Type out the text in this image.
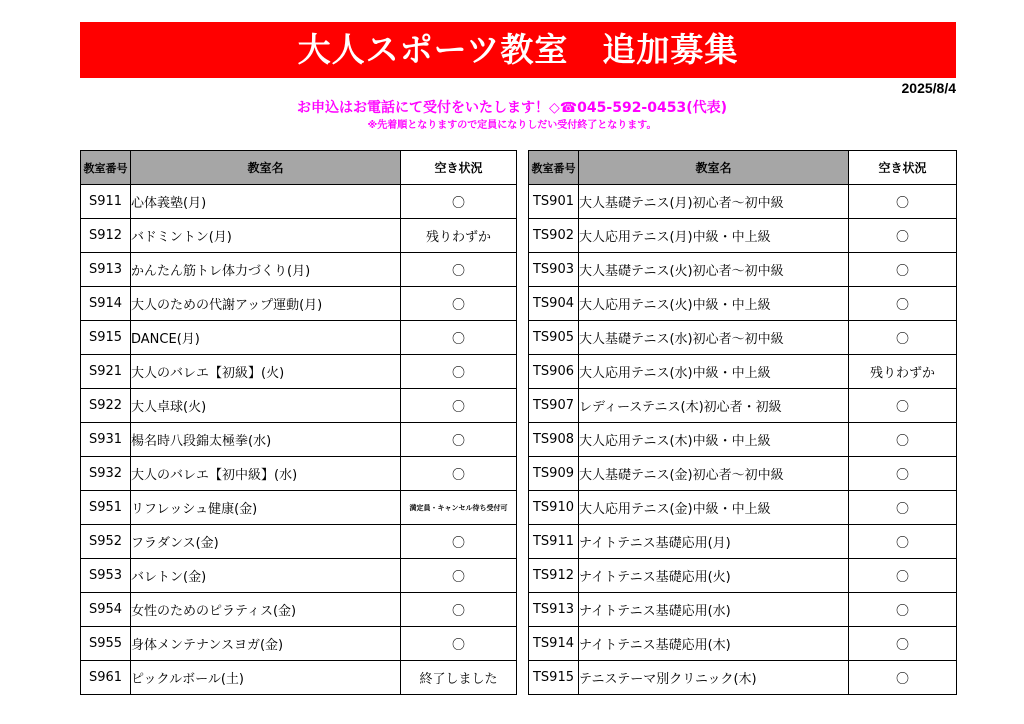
大人スポーツ教室　追加募集
2025/8/4
お申込はお電話にて受付をいたします！◇☎045-592-0453(代表)
※先着順となりますので定員になりしだい受付終了となります。
教室番号	教室名	空き状況
S911	心体義塾(月)	〇
S912	バドミントン(月)	残りわずか
S913	かんたん筋トレ体力づくり(月)	〇
S914	大人のための代謝アップ運動(月)	〇
S915	DANCE(月)	〇
S921	大人のバレエ【初級】(火)	〇
S922	大人卓球(火)	〇
S931	楊名時八段錦太極拳(水)	〇
S932	大人のバレエ【初中級】(水)	〇
S951	リフレッシュ健康(金)	満定員・キャンセル待ち受付可
S952	フラダンス(金)	〇
S953	バレトン(金)	〇
S954	女性のためのピラティス(金)	〇
S955	身体メンテナンスヨガ(金)	〇
S961	ピックルボール(土)	終了しました
教室番号	教室名	空き状況
TS901	大人基礎テニス(月)初心者～初中級	〇
TS902	大人応用テニス(月)中級・中上級	〇
TS903	大人基礎テニス(火)初心者～初中級	〇
TS904	大人応用テニス(火)中級・中上級	〇
TS905	大人基礎テニス(水)初心者～初中級	〇
TS906	大人応用テニス(水)中級・中上級	残りわずか
TS907	レディーステニス(木)初心者・初級	〇
TS908	大人応用テニス(木)中級・中上級	〇
TS909	大人基礎テニス(金)初心者～初中級	〇
TS910	大人応用テニス(金)中級・中上級	〇
TS911	ナイトテニス基礎応用(月)	〇
TS912	ナイトテニス基礎応用(火)	〇
TS913	ナイトテニス基礎応用(水)	〇
TS914	ナイトテニス基礎応用(木)	〇
TS915	テニステーマ別クリニック(木)	〇
